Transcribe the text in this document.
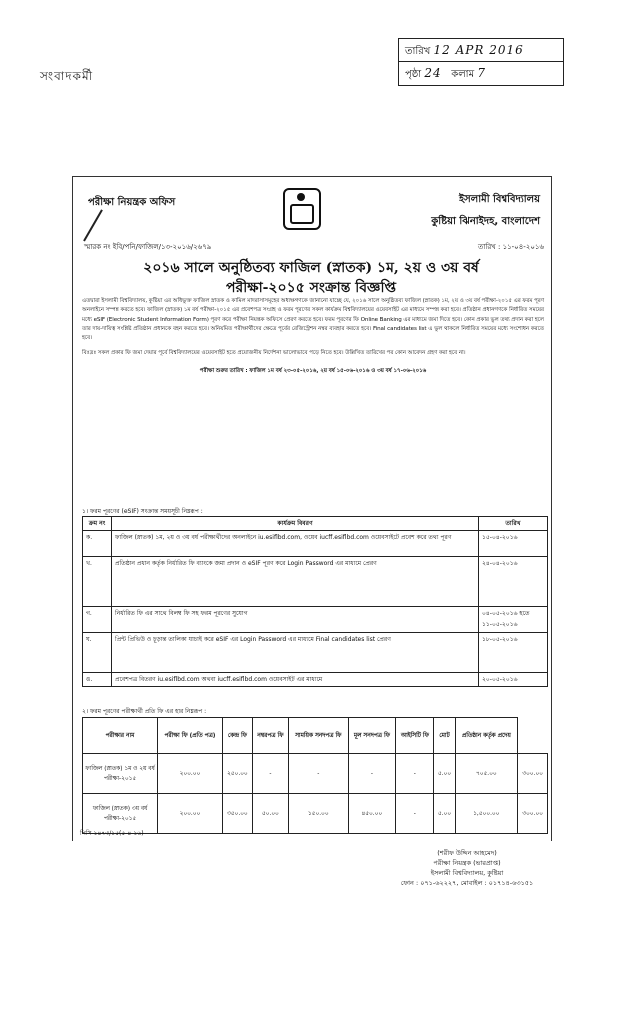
তারিখ 12 APR 2016
পৃষ্ঠা 24 কলাম 7
সংবাদকর্মী
পরীক্ষা নিয়ন্ত্রক অফিস	ইসলামী বিশ্ববিদ্যালয়
কুষ্টিয়া ঝিনাইদহ, বাংলাদেশ
স্মারক নং ইবি/পনি/ফাজিল/১৩-২০১৬/২৬৭৯	তারিখ : ১১-০৪-২০১৬
২০১৬ সালে অনুষ্ঠিতব্য ফাজিল (স্নাতক) ১ম, ২য় ও ৩য় বর্ষ
পরীক্ষা-২০১৫ সংক্রান্ত বিজ্ঞপ্তি
এতদ্বারা ইসলামী বিশ্ববিদ্যালয়, কুষ্টিয়া এর অধিভুক্ত ফাজিল স্নাতক ও কামিল মাদরাসাসমূহের অধ্যক্ষগণকে জানানো যাচ্ছে যে, ২০১৬ সালে অনুষ্ঠিতব্য ফাজিল (স্নাতক) ১ম, ২য় ও ৩য় বর্ষ পরীক্ষা-২০১৫ এর ফরম পূরণ অনলাইনে সম্পন্ন করতে হবে। ফাজিল (স্নাতক) ১ম বর্ষ পরীক্ষা-২০১৫ এর প্রবেশপত্র সংগ্রহ ও ফরম পূরণের সকল কার্যক্রম বিশ্ববিদ্যালয়ের ওয়েবসাইট এর মাধ্যমে সম্পন্ন করা হবে। প্রতিষ্ঠান প্রধানগণকে নির্ধারিত সময়ের মধ্যে eSIF (Electronic Student Information Form) পূরণ করে পরীক্ষা নিয়ন্ত্রক অফিসে প্রেরণ করতে হবে। ফরম পূরণের ফি Online Banking এর মাধ্যমে জমা দিতে হবে। কোন প্রকার ভুল তথ্য প্রদান করা হলে তার দায়-দায়িত্ব সংশ্লিষ্ট প্রতিষ্ঠান প্রধানকে বহন করতে হবে। অনিয়মিত পরীক্ষার্থীদের ক্ষেত্রে পূর্বের রেজিস্ট্রেশন নম্বর ব্যবহার করতে হবে। Final candidates list এ ভুল থাকলে নির্ধারিত সময়ের মধ্যে সংশোধন করতে হবে।
বিঃদ্রঃ সকল প্রকার ফি জমা দেয়ার পূর্বে বিশ্ববিদ্যালয়ের ওয়েবসাইট হতে প্রয়োজনীয় নির্দেশনা ভালোভাবে পড়ে নিতে হবে। উল্লিখিত তারিখের পর কোন আবেদন গ্রহণ করা হবে না।
পরীক্ষা শুরুর তারিখ : ফাজিল ১ম বর্ষ ২৩-০৫-২০১৬, ২য় বর্ষ ১৫-০৬-২০১৬ ও ৩য় বর্ষ ১৭-০৬-২০১৬
১। ফরম পূরণের (eSIF) সংক্রান্ত সময়সূচী নিম্নরূপ :
ক্রম নং	কার্যক্রম বিবরণ	তারিখ
ক.	ফাজিল (স্নাতক) ১ম, ২য় ও ৩য় বর্ষ পরীক্ষার্থীদের অনলাইনে iu.esiflbd.com, ওয়েব iucff.esiflbd.com ওয়েবসাইটে প্রবেশ করে তথ্য পূরণ	১৫-০৪-২০১৬
খ.	প্রতিষ্ঠান প্রধান কর্তৃক নির্ধারিত ফি ব্যাংকে জমা প্রদান ও eSIF পূরণ করে Login Password এর মাধ্যমে প্রেরণ	২৪-০৪-২০১৬
গ.	নির্ধারিত ফি এর সাথে বিলম্ব ফি সহ ফরম পূরণের সুযোগ	০৪-০৫-২০১৬ হতে ১১-০৫-২০১৬
ঘ.	প্রিন্ট প্রিভিউ ও চূড়ান্ত তালিকা যাচাই করে eSIF এর Login Password এর মাধ্যমে Final candidates list প্রেরণ	১৮-০৫-২০১৬
ঙ.	প্রবেশপত্র বিতরণ iu.esiflbd.com অথবা iucff.esiflbd.com ওয়েবসাইট এর মাধ্যমে	২০-০৫-২০১৬
২। ফরম পূরণের পরীক্ষার্থী প্রতি ফি এর হার নিম্নরূপ :
পরীক্ষার নাম	পরীক্ষা ফি (প্রতি পত্র)	কেন্দ্র ফি	নম্বরপত্র ফি	সাময়িক সনদপত্র ফি	মূল সনদপত্র ফি	আইসিটি ফি	মোট	প্রতিষ্ঠান কর্তৃক প্রদেয়	
ফাজিল (স্নাতক) ১ম ও ২য় বর্ষ পরীক্ষা-২০১৫	২০০.০০	২৫০.০০	-	-	-	-	৫.০০	৭০৫.০০	৩০০.০০
ফাজিল (স্নাতক) ৩য় বর্ষ পরীক্ষা-২০১৫	২০০.০০	৩৫০.০০	৫০.০০	১৫০.০০	৪৫০.০০	-	৫.০০	১,৫০০.০০	৩০০.০০
পিসি-১৪৭৩/১৫(৫-৪-১৬)
(শরীফ উদ্দিন আহমেদ)
পরীক্ষা নিয়ন্ত্রক (ভারপ্রাপ্ত)
ইসলামী বিশ্ববিদ্যালয়, কুষ্টিয়া
ফোন : ০৭১-৬২২২৭, মোবাইল : ০১৭১৪-৬৩১৫১
